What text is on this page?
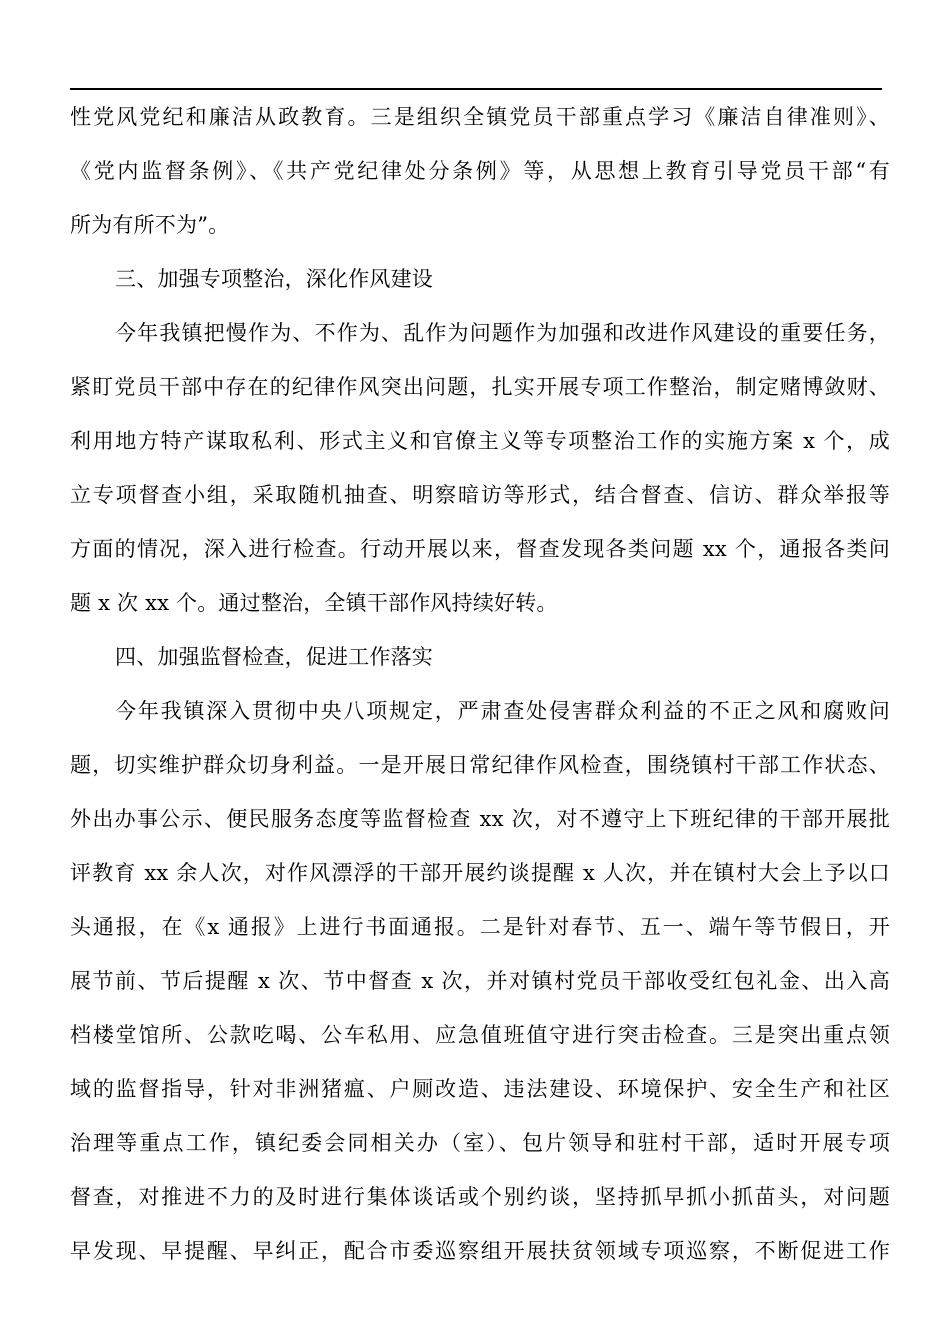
性党风党纪和廉洁从政教育。三是组织全镇党员干部重点学习《廉洁自律准则》、
《党内监督条例》、《共产党纪律处分条例》等，从思想上教育引导党员干部“有
所为有所不为”。
三、加强专项整治，深化作风建设
今年我镇把慢作为、不作为、乱作为问题作为加强和改进作风建设的重要任务，
紧盯党员干部中存在的纪律作风突出问题，扎实开展专项工作整治，制定赌博敛财、
利用地方特产谋取私利、形式主义和官僚主义等专项整治工作的实施方案 x 个，成
立专项督查小组，采取随机抽查、明察暗访等形式，结合督查、信访、群众举报等
方面的情况，深入进行检查。行动开展以来，督查发现各类问题 xx 个，通报各类问
题 x 次 xx 个。通过整治，全镇干部作风持续好转。
四、加强监督检查，促进工作落实
今年我镇深入贯彻中央八项规定，严肃查处侵害群众利益的不正之风和腐败问
题，切实维护群众切身利益。一是开展日常纪律作风检查，围绕镇村干部工作状态、
外出办事公示、便民服务态度等监督检查 xx 次，对不遵守上下班纪律的干部开展批
评教育 xx 余人次，对作风漂浮的干部开展约谈提醒 x 人次，并在镇村大会上予以口
头通报，在《x 通报》上进行书面通报。二是针对春节、五一、端午等节假日，开
展节前、节后提醒 x 次、节中督查 x 次，并对镇村党员干部收受红包礼金、出入高
档楼堂馆所、公款吃喝、公车私用、应急值班值守进行突击检查。三是突出重点领
域的监督指导，针对非洲猪瘟、户厕改造、违法建设、环境保护、安全生产和社区
治理等重点工作，镇纪委会同相关办（室）、包片领导和驻村干部，适时开展专项
督查，对推进不力的及时进行集体谈话或个别约谈，坚持抓早抓小抓苗头，对问题
早发现、早提醒、早纠正，配合市委巡察组开展扶贫领域专项巡察，不断促进工作
